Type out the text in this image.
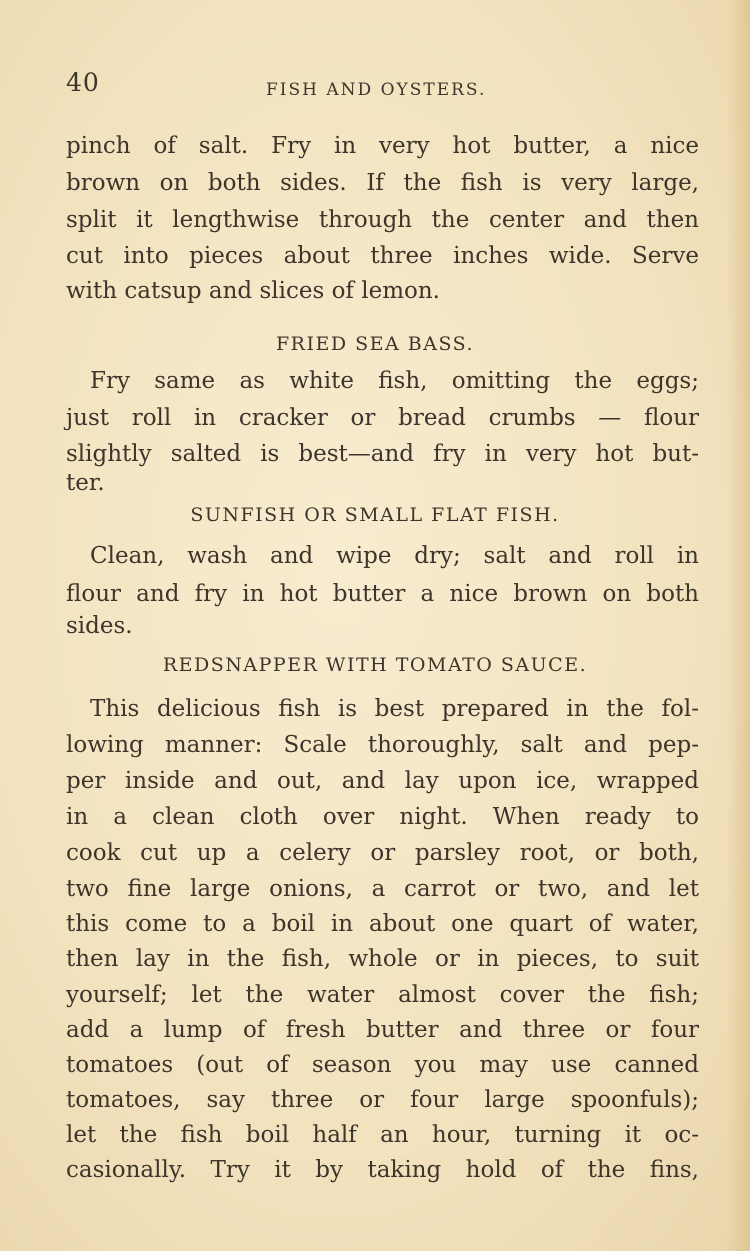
40	FISH AND OYSTERS.
pinch of salt. Fry in very hot butter, a nice
brown on both sides. If the fish is very large,
split it lengthwise through the center and then
cut into pieces about three inches wide. Serve
with catsup and slices of lemon.
FRIED SEA BASS.
Fry same as white fish, omitting the eggs;
just roll in cracker or bread crumbs — flour
slightly salted is best—and fry in very hot but-
ter.
SUNFISH OR SMALL FLAT FISH.
Clean, wash and wipe dry; salt and roll in
flour and fry in hot butter a nice brown on both
sides.
REDSNAPPER WITH TOMATO SAUCE.
This delicious fish is best prepared in the fol-
lowing manner: Scale thoroughly, salt and pep-
per inside and out, and lay upon ice, wrapped
in a clean cloth over night. When ready to
cook cut up a celery or parsley root, or both,
two fine large onions, a carrot or two, and let
this come to a boil in about one quart of water,
then lay in the fish, whole or in pieces, to suit
yourself; let the water almost cover the fish;
add a lump of fresh butter and three or four
tomatoes (out of season you may use canned
tomatoes, say three or four large spoonfuls);
let the fish boil half an hour, turning it oc-
casionally. Try it by taking hold of the fins,
